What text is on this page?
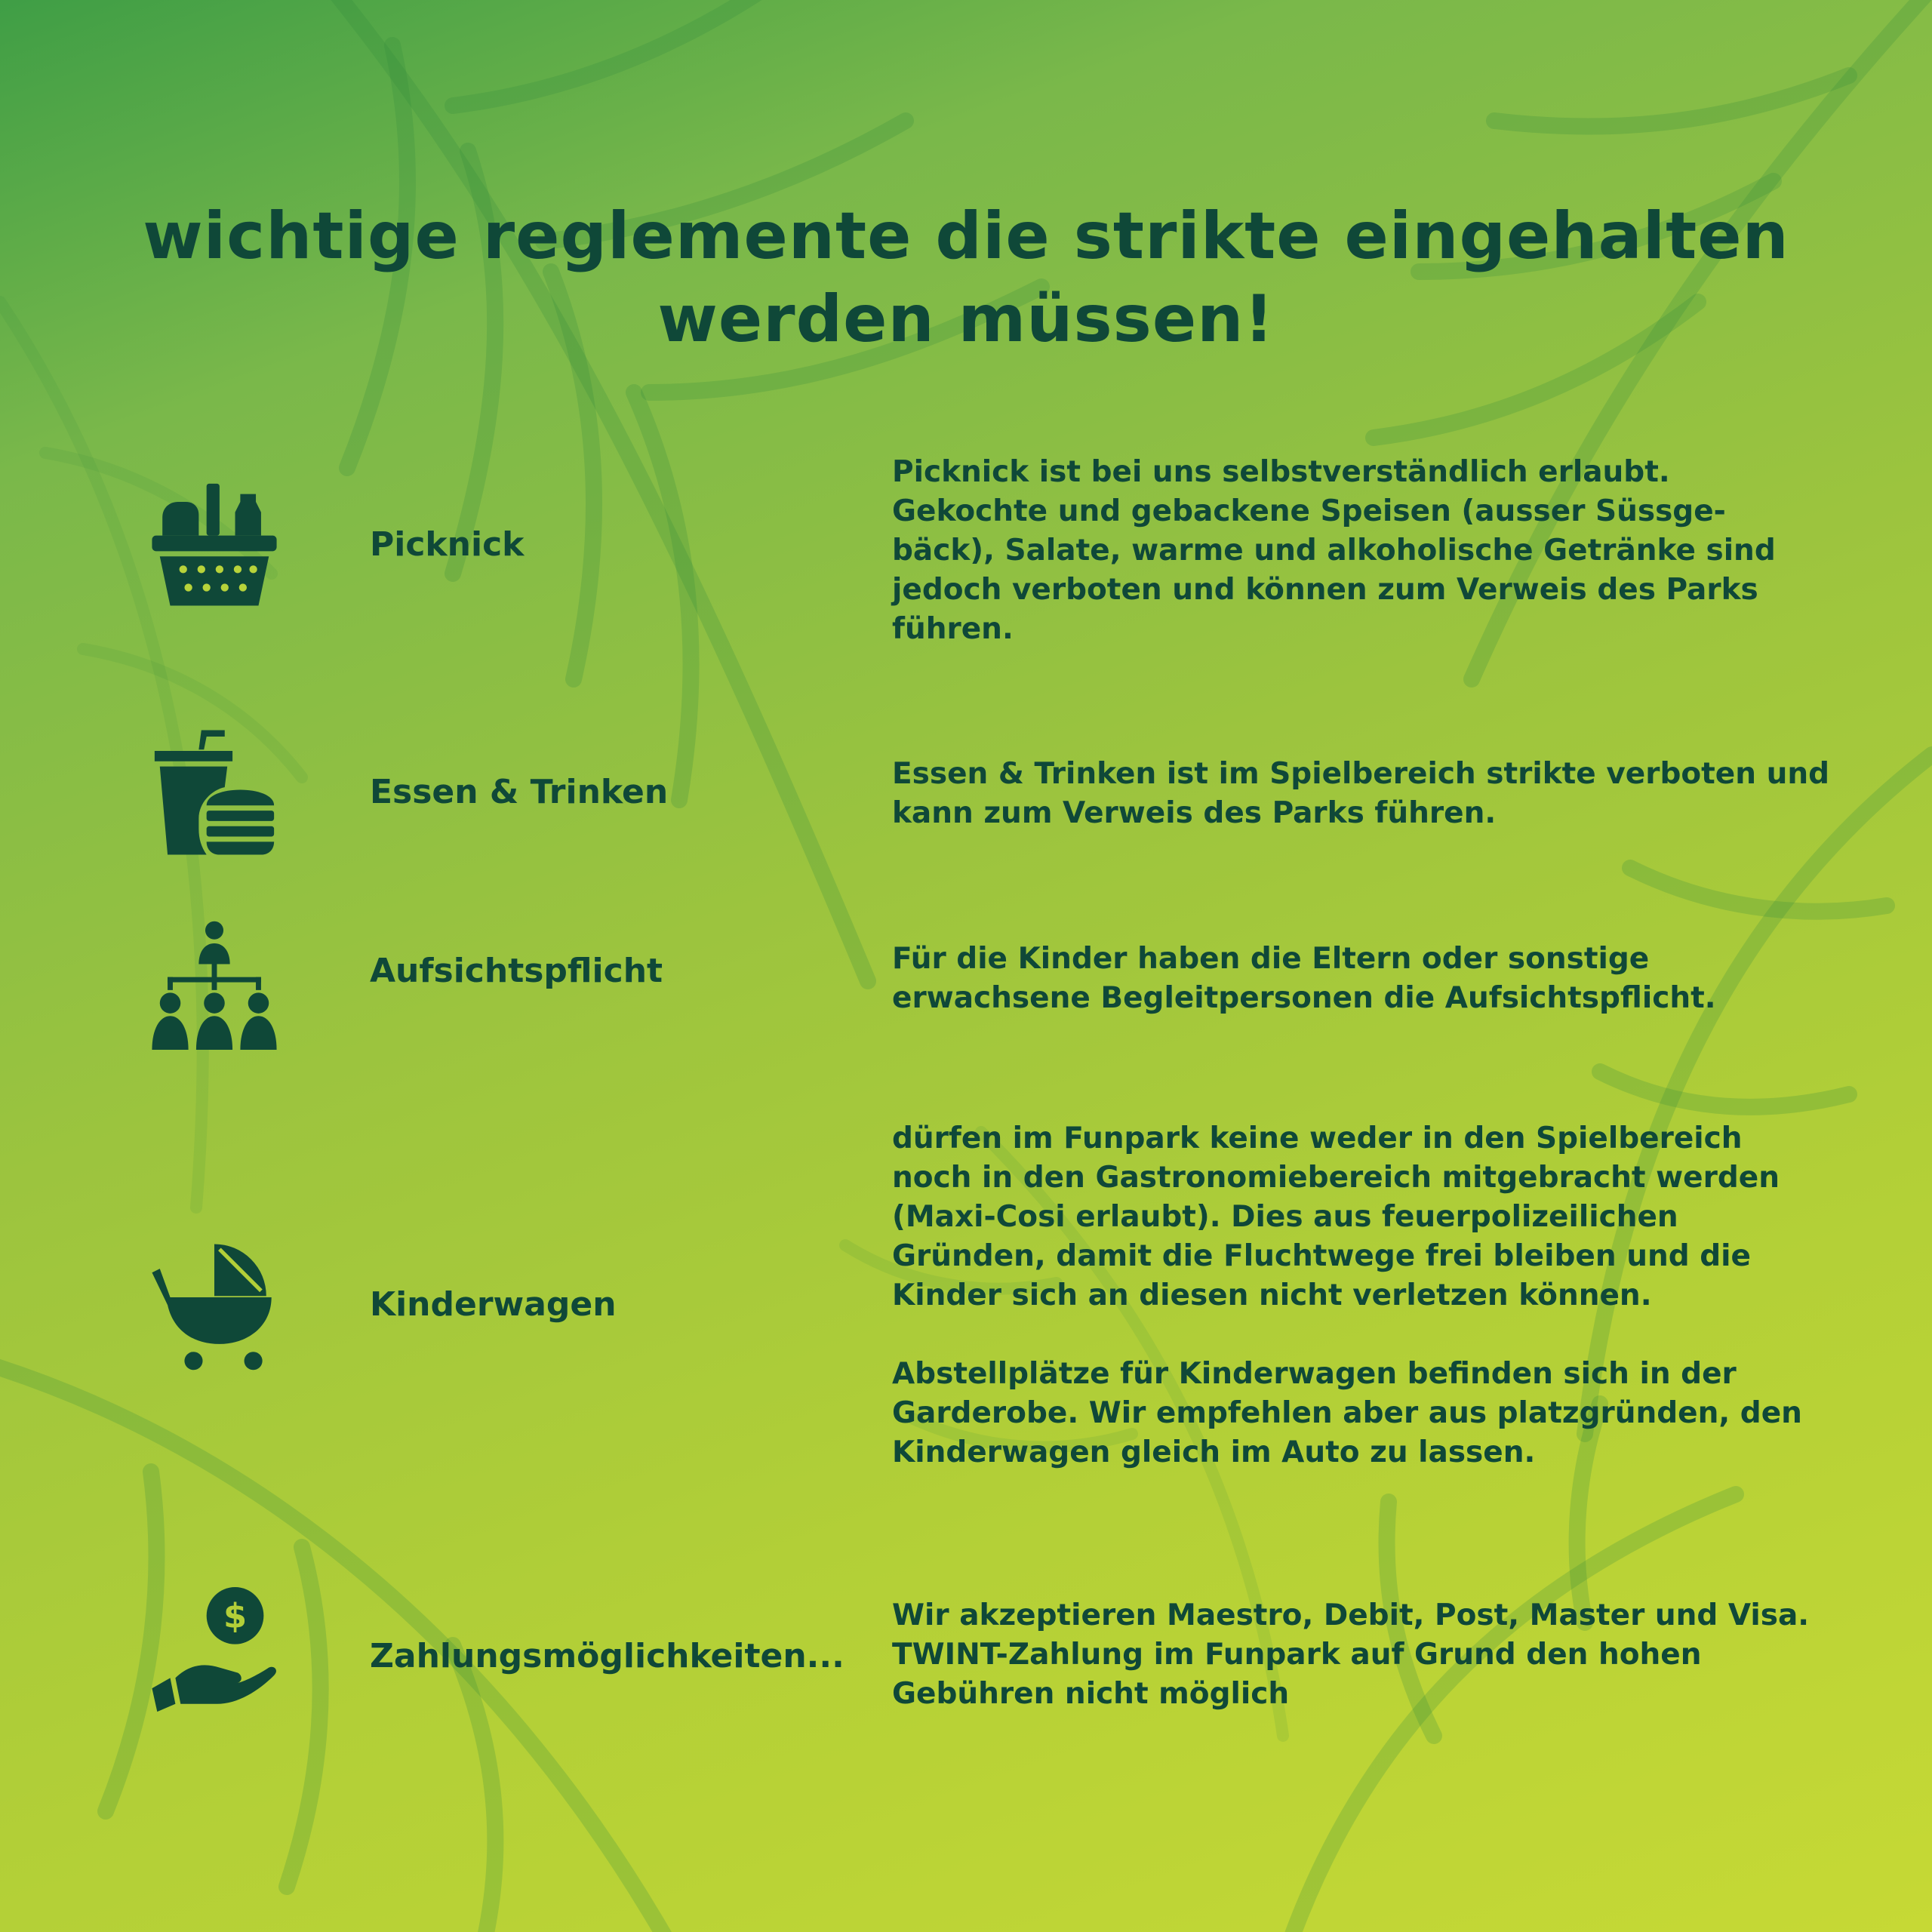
wichtige reglemente die strikte eingehalten
werden müssen!
Picknick
Picknick ist bei uns selbstverständlich erlaubt.
Gekochte und gebackene Speisen (ausser Süssge-
bäck), Salate, warme und alkoholische Getränke sind
jedoch verboten und können zum Verweis des Parks
führen.
Essen & Trinken	Essen & Trinken ist im Spielbereich strikte verboten und
kann zum Verweis des Parks führen.
Aufsichtspflicht	Für die Kinder haben die Eltern oder sonstige
erwachsene Begleitpersonen die Aufsichtspflicht.
Kinderwagen
dürfen im Funpark keine weder in den Spielbereich
noch in den Gastronomiebereich mitgebracht werden
(Maxi-Cosi erlaubt). Dies aus feuerpolizeilichen
Gründen, damit die Fluchtwege frei bleiben und die
Kinder sich an diesen nicht verletzen können.

Abstellplätze für Kinderwagen befinden sich in der
Garderobe. Wir empfehlen aber aus platzgründen, den
Kinderwagen gleich im Auto zu lassen.
$
Zahlungsmöglichkeiten...
Wir akzeptieren Maestro, Debit, Post, Master und Visa.
TWINT-Zahlung im Funpark auf Grund den hohen
Gebühren nicht möglich
